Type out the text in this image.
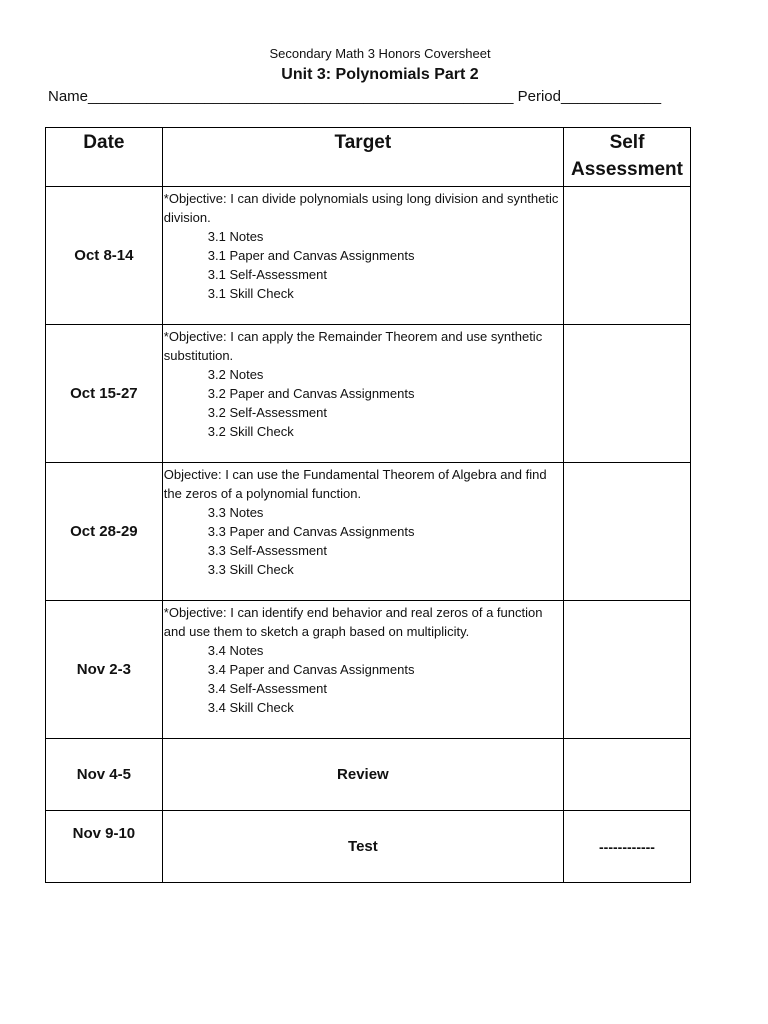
Secondary Math 3 Honors Coversheet
Unit 3: Polynomials Part 2
Name___________________________________________________ Period____________
Date	Target	Self Assessment
Oct 8-14	*Objective: I can divide polynomials using long division and synthetic division.
3.1 Notes
3.1 Paper and Canvas Assignments
3.1 Self-Assessment
3.1 Skill Check	

Oct 15-27	*Objective: I can apply the Remainder Theorem and use synthetic substitution.
3.2 Notes
3.2 Paper and Canvas Assignments
3.2 Self-Assessment
3.2 Skill Check	

Oct 28-29	Objective: I can use the Fundamental Theorem of Algebra and find the zeros of a polynomial function.
3.3 Notes
3.3 Paper and Canvas Assignments
3.3 Self-Assessment
3.3 Skill Check	

Nov 2-3	*Objective: I can identify end behavior and real zeros of a function and use them to sketch a graph based on multiplicity.
3.4 Notes
3.4 Paper and Canvas Assignments
3.4 Self-Assessment
3.4 Skill Check	

Nov 4-5	Review	
Nov 9-10	Test	------------
